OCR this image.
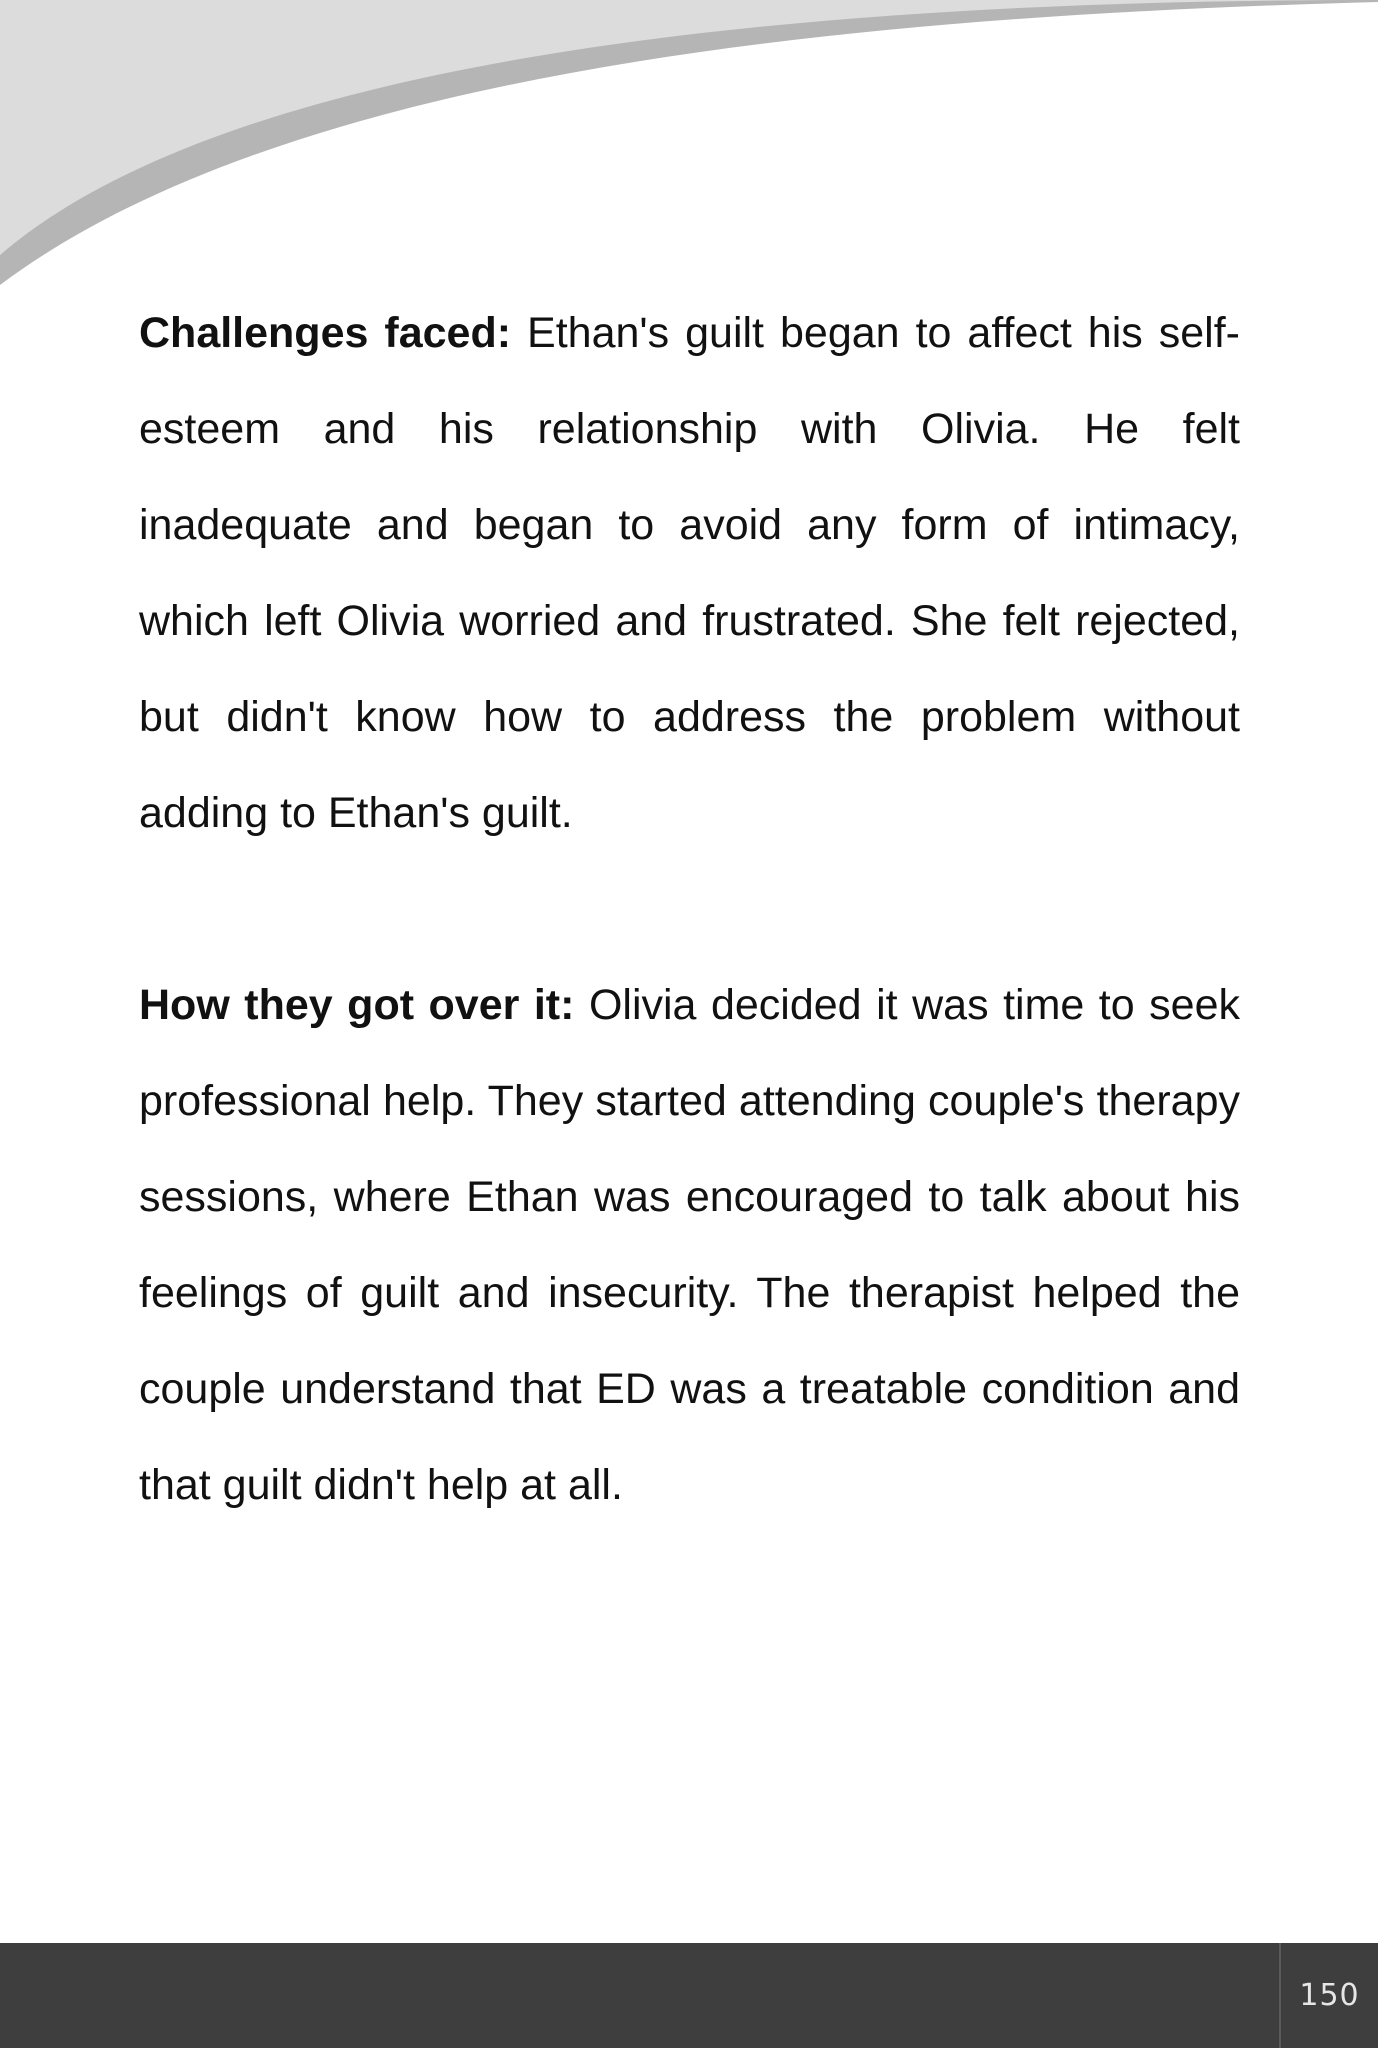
Challenges faced: Ethan's guilt began to affect his self-esteem and his relationship with Olivia. He felt inadequate and began to avoid any form of intimacy, which left Olivia worried and frustrated. She felt rejected, but didn't know how to address the problem without adding to Ethan's guilt.

How they got over it: Olivia decided it was time to seek professional help. They started attending couple's therapy sessions, where Ethan was encouraged to talk about his feelings of guilt and insecurity. The therapist helped the couple understand that ED was a treatable condition and that guilt didn't help at all.

150
